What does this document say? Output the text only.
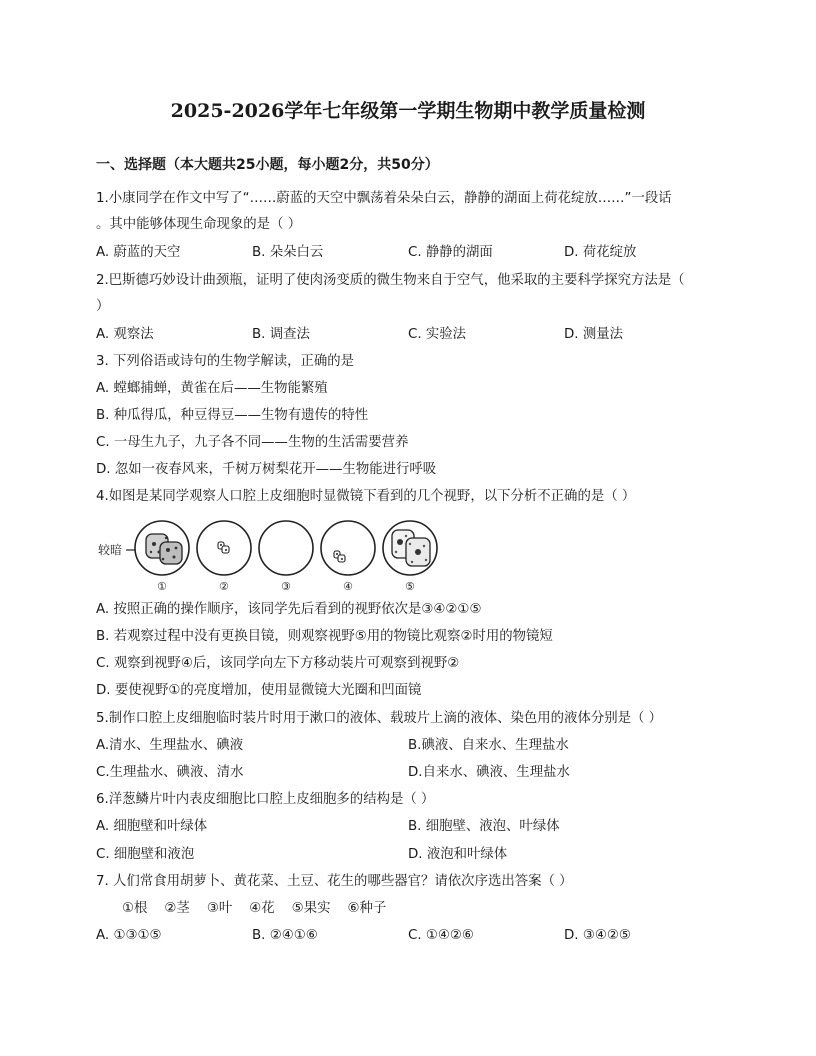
2025-2026学年七年级第一学期生物期中教学质量检测
一、选择题（本大题共25小题，每小题2分，共50分）
1.小康同学在作文中写了“……蔚蓝的天空中飘荡着朵朵白云，静静的湖面上荷花绽放……”一段话
。其中能够体现生命现象的是（ ）
A. 蔚蓝的天空	B. 朵朵白云	C. 静静的湖面	D. 荷花绽放
2.巴斯德巧妙设计曲颈瓶，证明了使肉汤变质的微生物来自于空气，他采取的主要科学探究方法是（
）
A. 观察法	B. 调查法	C. 实验法	D. 测量法
3. 下列俗语或诗句的生物学解读，正确的是
A. 螳螂捕蝉，黄雀在后——生物能繁殖
B. 种瓜得瓜，种豆得豆——生物有遗传的特性
C. 一母生九子，九子各不同——生物的生活需要营养
D. 忽如一夜春风来，千树万树梨花开——生物能进行呼吸
4.如图是某同学观察人口腔上皮细胞时显微镜下看到的几个视野，以下分析不正确的是（ ）
较暗
①	②	③	④	⑤
A. 按照正确的操作顺序，该同学先后看到的视野依次是③④②①⑤
B. 若观察过程中没有更换目镜，则观察视野⑤用的物镜比观察②时用的物镜短
C. 观察到视野④后，该同学向左下方移动装片可观察到视野②
D. 要使视野①的亮度增加，使用显微镜大光圈和凹面镜
5.制作口腔上皮细胞临时装片时用于漱口的液体、载玻片上滴的液体、染色用的液体分别是（ ）
A.清水、生理盐水、碘液	B.碘液、自来水、生理盐水
C.生理盐水、碘液、清水	D.自来水、碘液、生理盐水
6.洋葱鳞片叶内表皮细胞比口腔上皮细胞多的结构是（ ）
A. 细胞壁和叶绿体	B. 细胞壁、液泡、叶绿体
C. 细胞壁和液泡	D. 液泡和叶绿体
7. 人们常食用胡萝卜、黄花菜、土豆、花生的哪些器官？请依次序选出答案（ ）
①根    ②茎    ③叶    ④花    ⑤果实    ⑥种子
A. ①③①⑤	B. ②④①⑥	C. ①④②⑥	D. ③④②⑤
